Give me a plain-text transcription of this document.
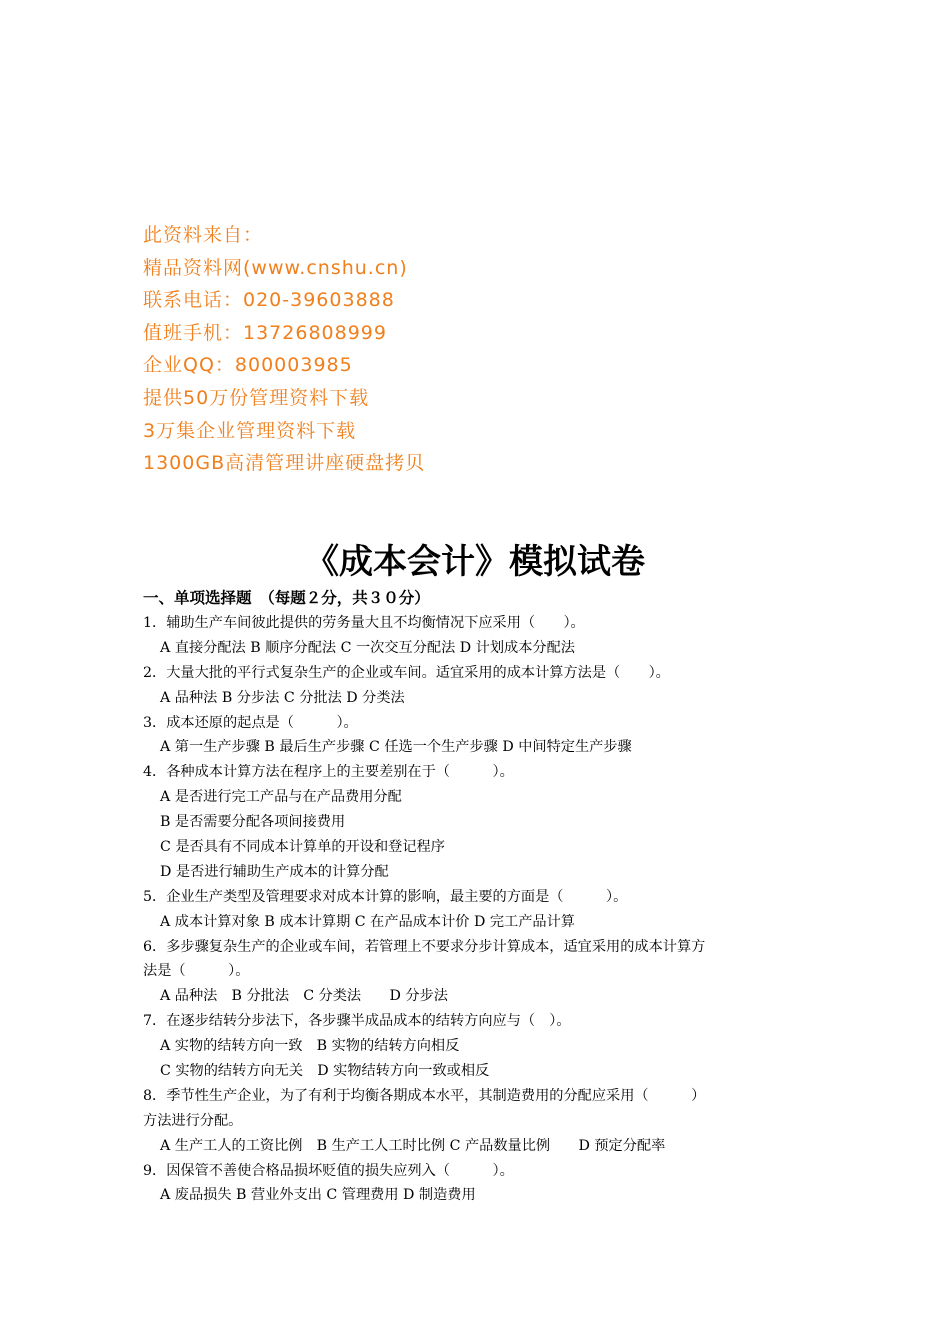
此资料来自：
精品资料网(www.cnshu.cn)
联系电话：020-39603888
值班手机：13726808999
企业QQ：800003985
提供50万份管理资料下载
3万集企业管理资料下载
1300GB高清管理讲座硬盘拷贝
《成本会计》模拟试卷
一、单项选择题　（每题２分，共３０分）
1．辅助生产车间彼此提供的劳务量大且不均衡情况下应采用（　　）。
A 直接分配法 B 顺序分配法 C 一次交互分配法 D 计划成本分配法
2．大量大批的平行式复杂生产的企业或车间。适宜采用的成本计算方法是（　　）。
A 品种法 B 分步法 C 分批法 D 分类法
3．成本还原的起点是（　　　）。
A 第一生产步骤 B 最后生产步骤 C 任选一个生产步骤 D 中间特定生产步骤
4．各种成本计算方法在程序上的主要差别在于（　　　）。
A 是否进行完工产品与在产品费用分配
B 是否需要分配各项间接费用
C 是否具有不同成本计算单的开设和登记程序
D 是否进行辅助生产成本的计算分配
5．企业生产类型及管理要求对成本计算的影响，最主要的方面是（　　　）。
A 成本计算对象 B 成本计算期 C 在产品成本计价 D 完工产品计算
6．多步骤复杂生产的企业或车间，若管理上不要求分步计算成本，适宜采用的成本计算方
法是（　　　）。
A 品种法　B 分批法　C 分类法　　D 分步法
7．在逐步结转分步法下，各步骤半成品成本的结转方向应与（　）。
A 实物的结转方向一致　B 实物的结转方向相反
C 实物的结转方向无关　D 实物结转方向一致或相反
8．季节性生产企业，为了有利于均衡各期成本水平，其制造费用的分配应采用（　　　）
方法进行分配。
A 生产工人的工资比例　B 生产工人工时比例 C 产品数量比例　　D 预定分配率
9．因保管不善使合格品损坏贬值的损失应列入（　　　）。
A 废品损失 B 营业外支出 C 管理费用 D 制造费用
